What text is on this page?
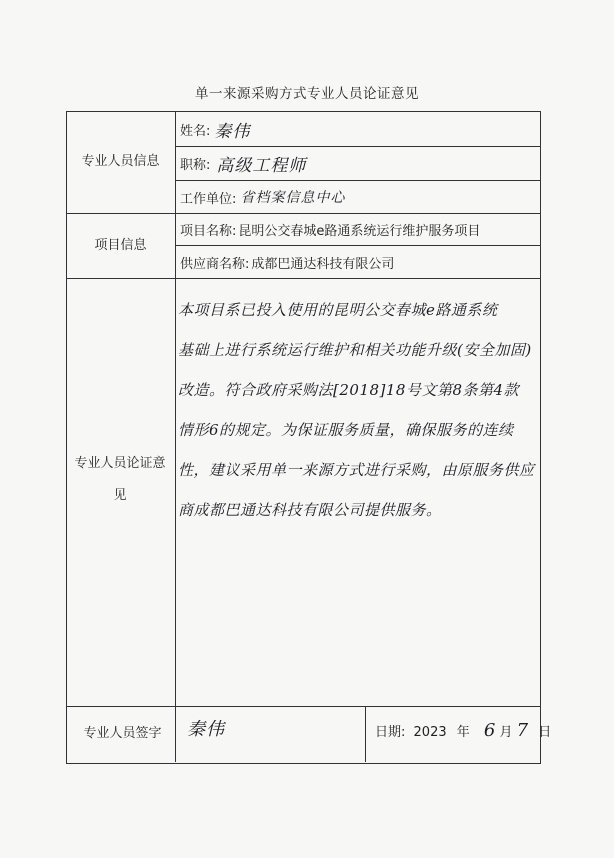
单一来源采购方式专业人员论证意见
专业人员信息
姓名: 秦伟
职称: 高级工程师
工作单位: 省档案信息中心
项目信息
项目名称: 昆明公交春城e路通系统运行维护服务项目
供应商名称: 成都巴通达科技有限公司
专业人员论证意见

本项目系已投入使用的昆明公交春城e路通系统

基础上进行系统运行维护和相关功能升级(安全加固)

改造。符合政府采购法[2018]18号文第8条第4款

情形6的规定。为保证服务质量，确保服务的连续

性，建议采用单一来源方式进行采购，由原服务供应

商成都巴通达科技有限公司提供服务。

专业人员签字	秦伟	日期: 2023 年 6 月 7 日
